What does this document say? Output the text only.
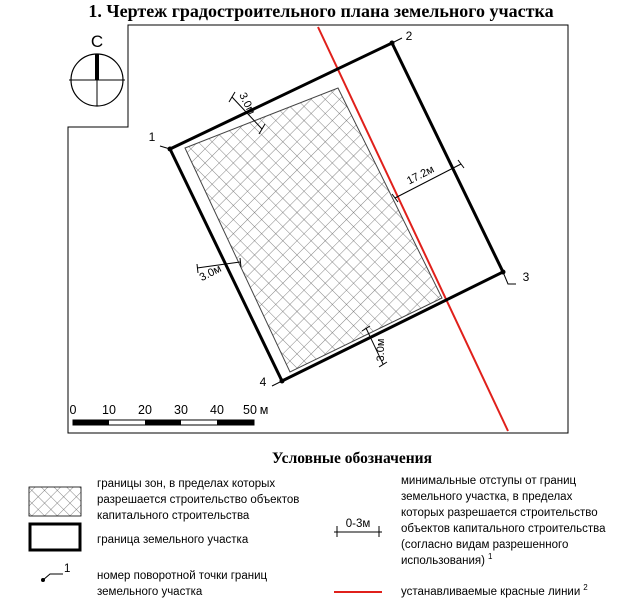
1. Чертеж градостроительного плана земельного участка
С
3.0м
3.0м
3.0м
17.2м
1
2
3
4
0 10 20 30 40 50 м
Условные обозначения
границы зон, в пределах которых
разрешается строительство объектов
капитального строительства
граница земельного участка
1
номер поворотной точки границ
земельного участка
0-3м
минимальные отступы от границ
земельного участка, в пределах
которых разрешается строительство
объектов капитального строительства
(согласно видам разрешенного
использования) $^1$
устанавливаемые красные линии $^2$
